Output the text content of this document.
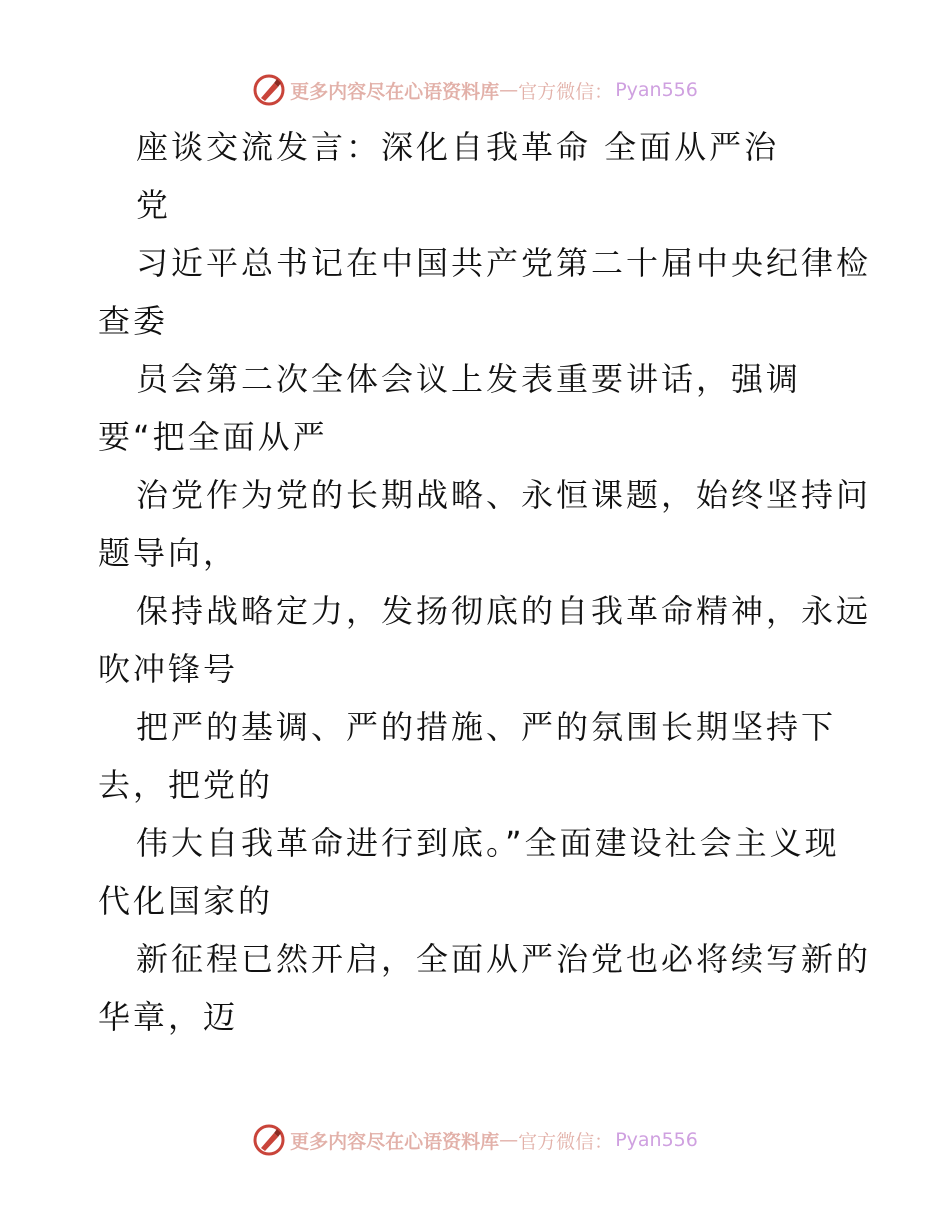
更多内容尽在心语资料库 — 官方微信： Pyan556
座谈交流发言：深化自我革命 全面从严治
党
习近平总书记在中国共产党第二十届中央纪律检
查委
员会第二次全体会议上发表重要讲话，强调
要“把全面从严
治党作为党的长期战略、永恒课题，始终坚持问
题导向，
保持战略定力，发扬彻底的自我革命精神，永远
吹冲锋号
把严的基调、严的措施、严的氛围长期坚持下
去，把党的
伟大自我革命进行到底。”全面建设社会主义现
代化国家的
新征程已然开启，全面从严治党也必将续写新的
华章，迈
更多内容尽在心语资料库 — 官方微信： Pyan556
